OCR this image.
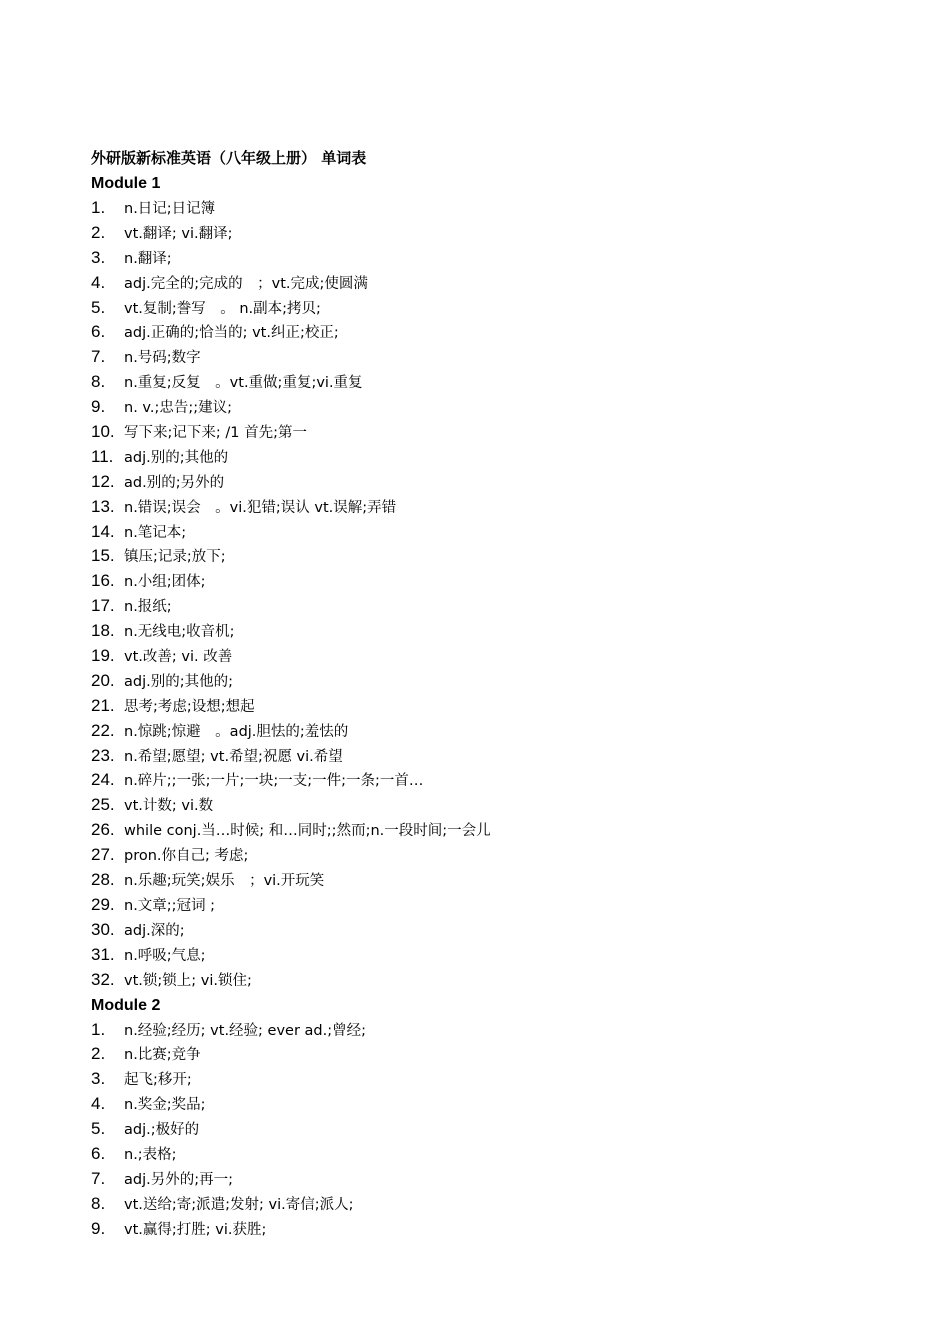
外研版新标准英语（八年级上册） 单词表
Module 1
1.	n.日记;日记簿
2.	vt.翻译; vi.翻译;
3.	n.翻译;
4.	adj.完全的;完成的　；vt.完成;使圆满
5.	vt.复制;誊写　。 n.副本;拷贝;
6.	adj.正确的;恰当的; vt.纠正;校正;
7.	n.号码;数字
8.	n.重复;反复　。vt.重做;重复;vi.重复
9.	n. v.;忠告;;建议;
10. 写下来;记下来; /1 首先;第一
11. adj.别的;其他的
12. ad.别的;另外的
13. n.错误;误会　。vi.犯错;误认 vt.误解;弄错
14. n.笔记本;
15. 镇压;记录;放下;
16. n.小组;团体;
17. n.报纸;
18. n.无线电;收音机;
19. vt.改善; vi. 改善
20. adj.别的;其他的;
21. 思考;考虑;设想;想起
22. n.惊跳;惊避　。adj.胆怯的;羞怯的
23. n.希望;愿望; vt.希望;祝愿 vi.希望
24. n.碎片;;一张;一片;一块;一支;一件;一条;一首…
25. vt.计数; vi.数
26. while conj.当…时候; 和…同时;;然而;n.一段时间;一会儿
27. pron.你自己; 考虑;
28. n.乐趣;玩笑;娱乐　；vi.开玩笑
29. n.文章;;冠词 ;
30. adj.深的;
31. n.呼吸;气息;
32. vt.锁;锁上; vi.锁住;
Module 2
1.	n.经验;经历; vt.经验; ever ad.;曾经;
2.	n.比赛;竞争
3.	起飞;移开;
4.	n.奖金;奖品;
5.	adj.;极好的
6.	n.;表格;
7.	adj.另外的;再一;
8.	vt.送给;寄;派遣;发射; vi.寄信;派人;
9.	vt.赢得;打胜; vi.获胜;
